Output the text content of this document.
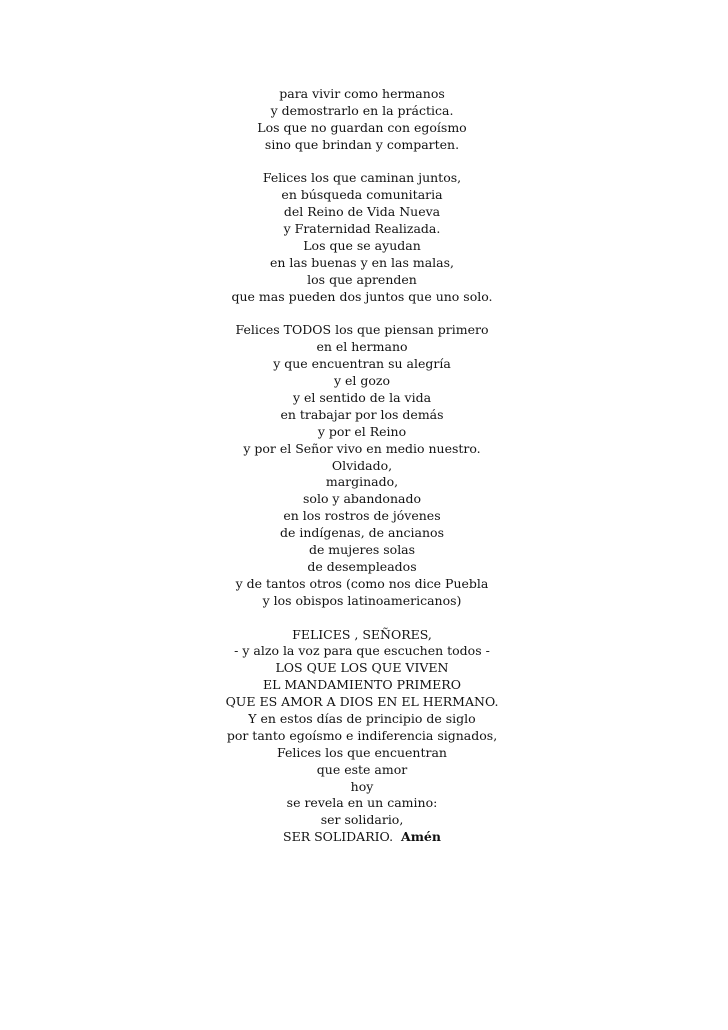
para vivir como hermanos
y demostrarlo en la práctica.
Los que no guardan con egoísmo
sino que brindan y comparten.
Felices los que caminan juntos,
en búsqueda comunitaria
del Reino de Vida Nueva
y Fraternidad Realizada.
Los que se ayudan
en las buenas y en las malas,
los que aprenden
que mas pueden dos juntos que uno solo.
Felices TODOS los que piensan primero
en el hermano
y que encuentran su alegría
y el gozo
y el sentido de la vida
en trabajar por los demás
y por el Reino
y por el Señor vivo en medio nuestro.
Olvidado,
marginado,
solo y abandonado
en los rostros de jóvenes
de indígenas, de ancianos
de mujeres solas
de desempleados
y de tantos otros (como nos dice Puebla
y los obispos latinoamericanos)
FELICES , SEÑORES,
- y alzo la voz para que escuchen todos -
LOS QUE LOS QUE VIVEN
EL MANDAMIENTO PRIMERO
QUE ES AMOR A DIOS EN EL HERMANO.
Y en estos días de principio de siglo
por tanto egoísmo e indiferencia signados,
Felices los que encuentran
que este amor
hoy
se revela en un camino:
ser solidario,
SER SOLIDARIO. Amén
